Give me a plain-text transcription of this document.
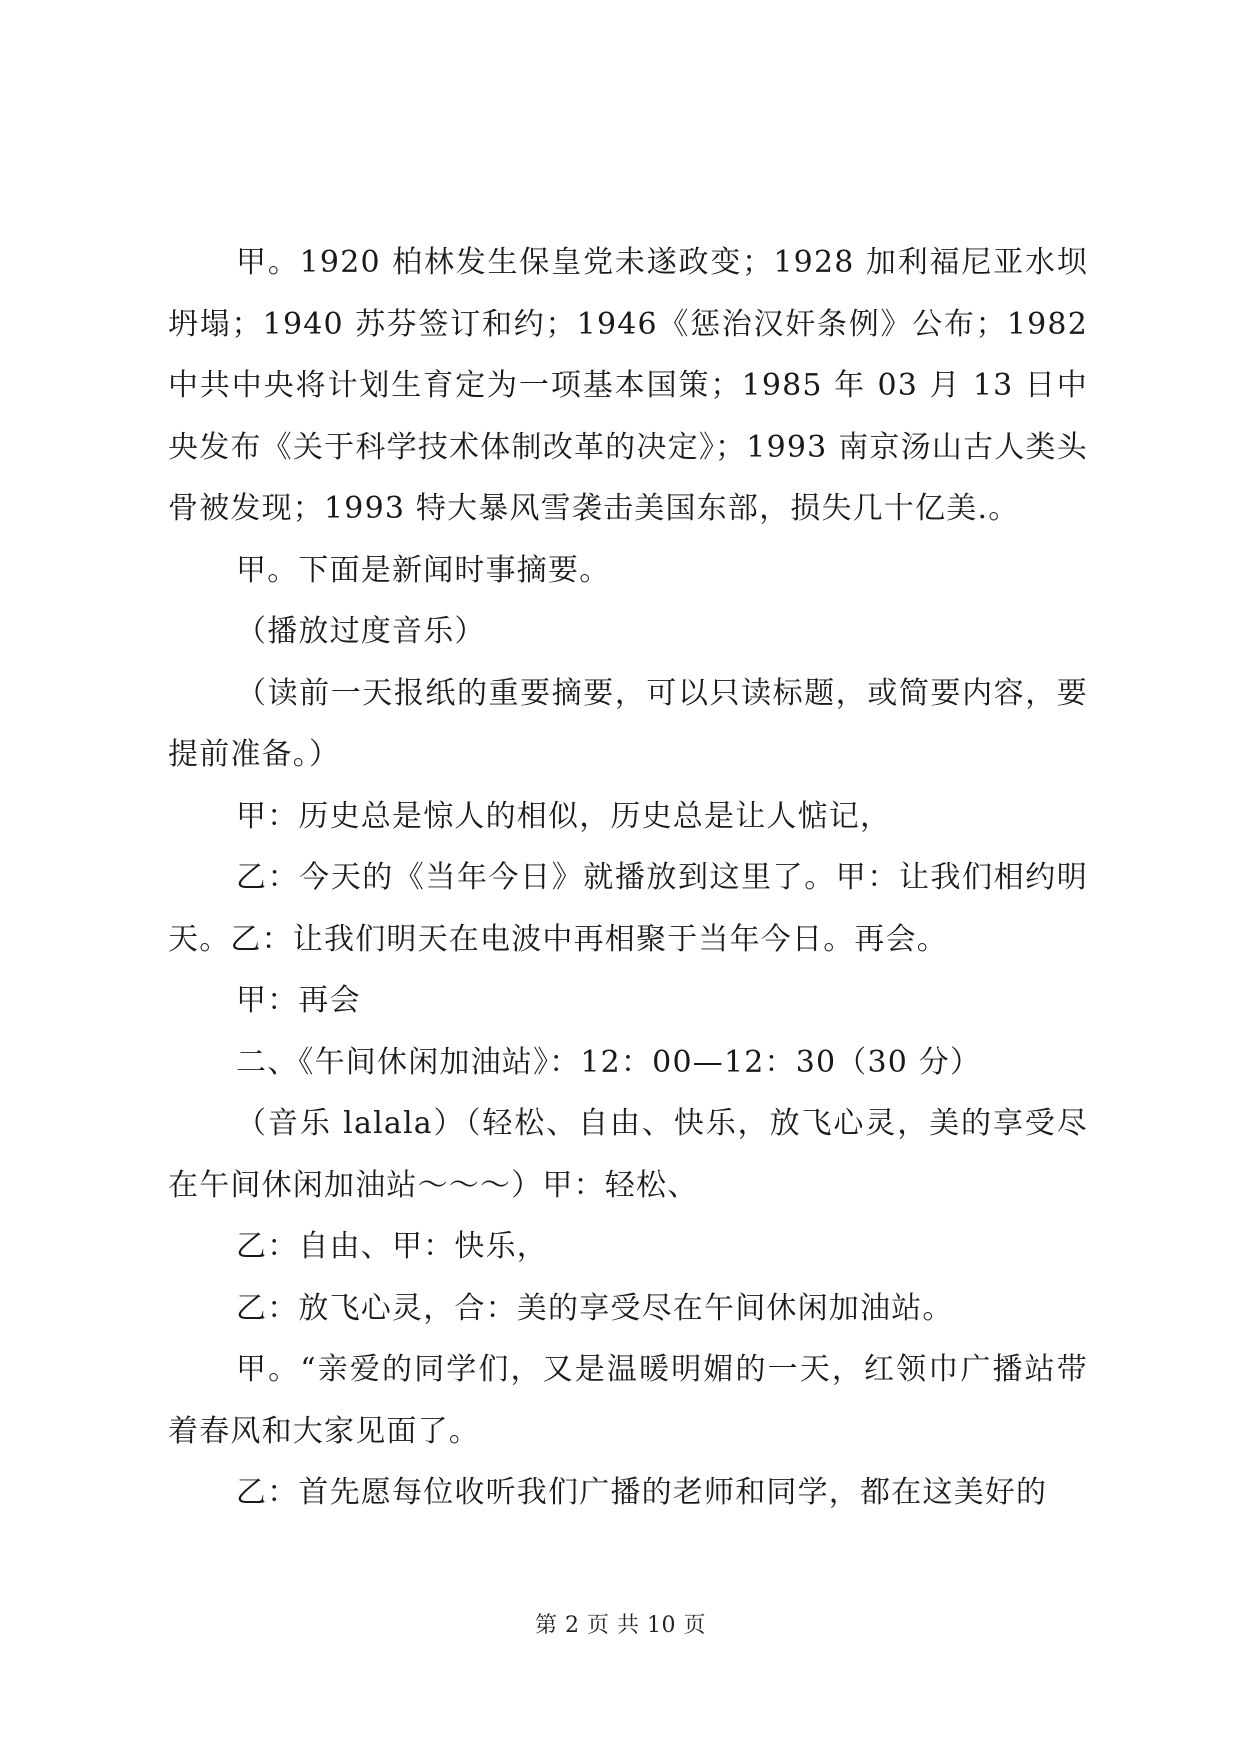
甲。1920 柏林发生保皇党未遂政变；1928 加利福尼亚水坝坍塌；1940 苏芬签订和约；1946《惩治汉奸条例》公布；1982 中共中央将计划生育定为一项基本国策；1985 年 03 月 13 日中央发布《关于科学技术体制改革的决定》；1993 南京汤山古人类头骨被发现；1993 特大暴风雪袭击美国东部，损失几十亿美.。

甲。下面是新闻时事摘要。

（播放过度音乐）

（读前一天报纸的重要摘要，可以只读标题，或简要内容，要提前准备。）

甲：历史总是惊人的相似，历史总是让人惦记，

乙：今天的《当年今日》就播放到这里了。甲：让我们相约明天。乙：让我们明天在电波中再相聚于当年今日。再会。

甲：再会

二、《午间休闲加油站》：12：00—12：30（30 分）

（音乐 lalala）（轻松、自由、快乐，放飞心灵，美的享受尽在午间休闲加油站～～～）甲：轻松、

乙：自由、甲：快乐，

乙：放飞心灵，合：美的享受尽在午间休闲加油站。

甲。“亲爱的同学们，又是温暖明媚的一天，红领巾广播站带着春风和大家见面了。

乙：首先愿每位收听我们广播的老师和同学，都在这美好的

第 2 页 共 10 页
